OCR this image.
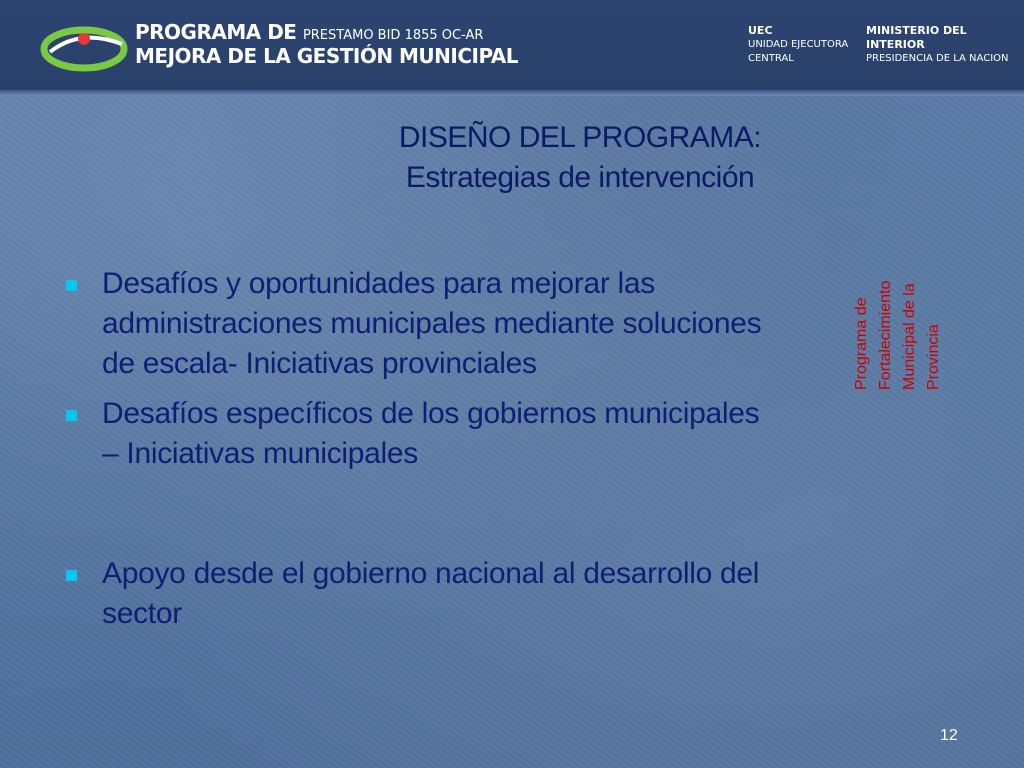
PROGRAMA DE PRESTAMO BID 1855 OC-AR
MEJORA DE LA GESTIÓN MUNICIPAL
UEC
UNIDAD EJECUTORA
CENTRAL
MINISTERIO DEL
INTERIOR
PRESIDENCIA DE LA NACION
DISEÑO DEL PROGRAMA:
Estrategias de intervención
Desafíos y oportunidades para mejorar las administraciones municipales mediante soluciones de escala- Iniciativas provinciales
Desafíos específicos de los gobiernos municipales – Iniciativas municipales
Apoyo desde el gobierno nacional al desarrollo del sector
Programa de Fortalecimiento Municipal de la Provincia
12
